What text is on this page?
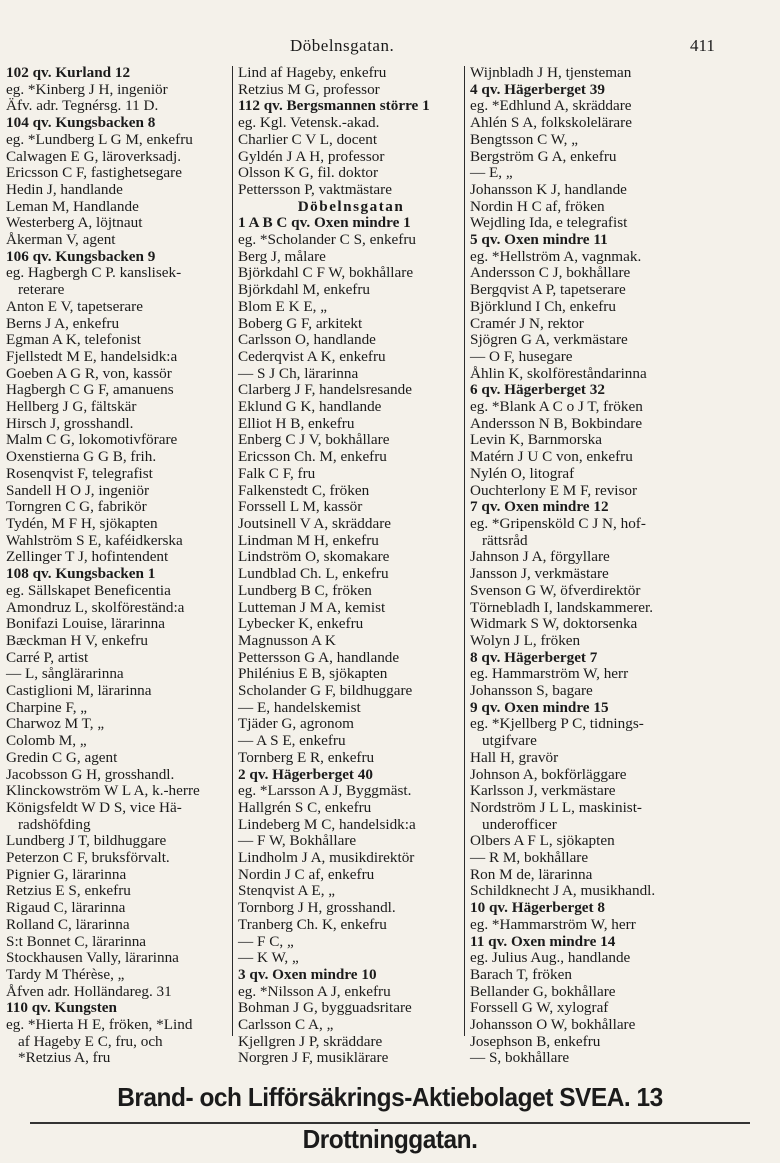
Döbelnsgatan.	411
102 qv. Kurland 12
eg. *Kinberg J H, ingeniör
Äfv. adr. Tegnérsg. 11 D.
104 qv. Kungsbacken 8
eg. *Lundberg L G M, enkefru
Calwagen E G, läroverksadj.
Ericsson C F, fastighetsegare
Hedin J, handlande
Leman M, Handlande
Westerberg A, löjtnaut
Åkerman V, agent
106 qv. Kungsbacken 9
eg. Hagbergh C P. kanslisek-
reterare
Anton E V, tapetserare
Berns J A, enkefru
Egman A K, telefonist
Fjellstedt M E, handelsidk:a
Goeben A G R, von, kassör
Hagbergh C G F, amanuens
Hellberg J G, fältskär
Hirsch J, grosshandl.
Malm C G, lokomotivförare
Oxenstierna G G B, frih.
Rosenqvist F, telegrafist
Sandell H O J, ingeniör
Torngren C G, fabrikör
Tydén, M F H, sjökapten
Wahlström S E, kaféidkerska
Zellinger T J, hofintendent
108 qv. Kungsbacken 1
eg. Sällskapet Beneficentia
Amondruz L, skolföreständ:a
Bonifazi Louise, lärarinna
Bæckman H V, enkefru
Carré P, artist
— L, sånglärarinna
Castiglioni M, lärarinna
Charpine F, „
Charwoz M T, „
Colomb M, „
Gredin C G, agent
Jacobsson G H, grosshandl.
Klinckowström W L A, k.-herre
Königsfeldt W D S, vice Hä-
radshöfding
Lundberg J T, bildhuggare
Peterzon C F, bruksförvalt.
Pignier G, lärarinna
Retzius E S, enkefru
Rigaud C, lärarinna
Rolland C, lärarinna
S:t Bonnet C, lärarinna
Stockhausen Vally, lärarinna
Tardy M Thérèse, „
Åfven adr. Holländareg. 31
110 qv. Kungsten
eg. *Hierta H E, fröken, *Lind
af Hageby E C, fru, och
*Retzius A, fru
Lind af Hageby, enkefru
Retzius M G, professor
112 qv. Bergsmannen större 1
eg. Kgl. Vetensk.-akad.
Charlier C V L, docent
Gyldén J A H, professor
Olsson K G, fil. doktor
Pettersson P, vaktmästare
Döbelnsgatan
1 A B C qv. Oxen mindre 1
eg. *Scholander C S, enkefru
Berg J, målare
Björkdahl C F W, bokhållare
Björkdahl M, enkefru
Blom E K E, „
Boberg G F, arkitekt
Carlsson O, handlande
Cederqvist A K, enkefru
— S J Ch, lärarinna
Clarberg J F, handelsresande
Eklund G K, handlande
Elliot H B, enkefru
Enberg C J V, bokhållare
Ericsson Ch. M, enkefru
Falk C F, fru
Falkenstedt C, fröken
Forssell L M, kassör
Joutsinell V A, skräddare
Lindman M H, enkefru
Lindström O, skomakare
Lundblad Ch. L, enkefru
Lundberg B C, fröken
Lutteman J M A, kemist
Lybecker K, enkefru
Magnusson A K
Pettersson G A, handlande
Philénius E B, sjökapten
Scholander G F, bildhuggare
— E, handelskemist
Tjäder G, agronom
— A S E, enkefru
Tornberg E R, enkefru
2 qv. Hägerberget 40
eg. *Larsson A J, Byggmäst.
Hallgrén S C, enkefru
Lindeberg M C, handelsidk:a
— F W, Bokhållare
Lindholm J A, musikdirektör
Nordin J C af, enkefru
Stenqvist A E, „
Tornborg J H, grosshandl.
Tranberg Ch. K, enkefru
— F C, „
— K W, „
3 qv. Oxen mindre 10
eg. *Nilsson A J, enkefru
Bohman J G, bygguadsritare
Carlsson C A, „
Kjellgren J P, skräddare
Norgren J F, musiklärare
Wijnbladh J H, tjensteman
4 qv. Hägerberget 39
eg. *Edhlund A, skräddare
Ahlén S A, folkskolelärare
Bengtsson C W, „
Bergström G A, enkefru
— E, „
Johansson K J, handlande
Nordin H C af, fröken
Wejdling Ida, e telegrafist
5 qv. Oxen mindre 11
eg. *Hellström A, vagnmak.
Andersson C J, bokhållare
Bergqvist A P, tapetserare
Björklund I Ch, enkefru
Cramér J N, rektor
Sjögren G A, verkmästare
— O F, husegare
Åhlin K, skolföreståndarinna
6 qv. Hägerberget 32
eg. *Blank A C o J T, fröken
Andersson N B, Bokbindare
Levin K, Barnmorska
Matérn J U C von, enkefru
Nylén O, litograf
Ouchterlony E M F, revisor
7 qv. Oxen mindre 12
eg. *Gripensköld C J N, hof-
rättsråd
Jahnson J A, förgyllare
Jansson J, verkmästare
Svenson G W, öfverdirektör
Törnebladh I, landskammerer.
Widmark S W, doktorsenka
Wolyn J L, fröken
8 qv. Hägerberget 7
eg. Hammarström W, herr
Johansson S, bagare
9 qv. Oxen mindre 15
eg. *Kjellberg P C, tidnings-
utgifvare
Hall H, gravör
Johnson A, bokförläggare
Karlsson J, verkmästare
Nordström J L L, maskinist-
underofficer
Olbers A F L, sjökapten
— R M, bokhållare
Ron M de, lärarinna
Schildknecht J A, musikhandl.
10 qv. Hägerberget 8
eg. *Hammarström W, herr
11 qv. Oxen mindre 14
eg. Julius Aug., handlande
Barach T, fröken
Bellander G, bokhållare
Forssell G W, xylograf
Johansson O W, bokhållare
Josephson B, enkefru
— S, bokhållare
Brand- och Lifförsäkrings-Aktiebolaget SVEA. 13 Drottninggatan.
